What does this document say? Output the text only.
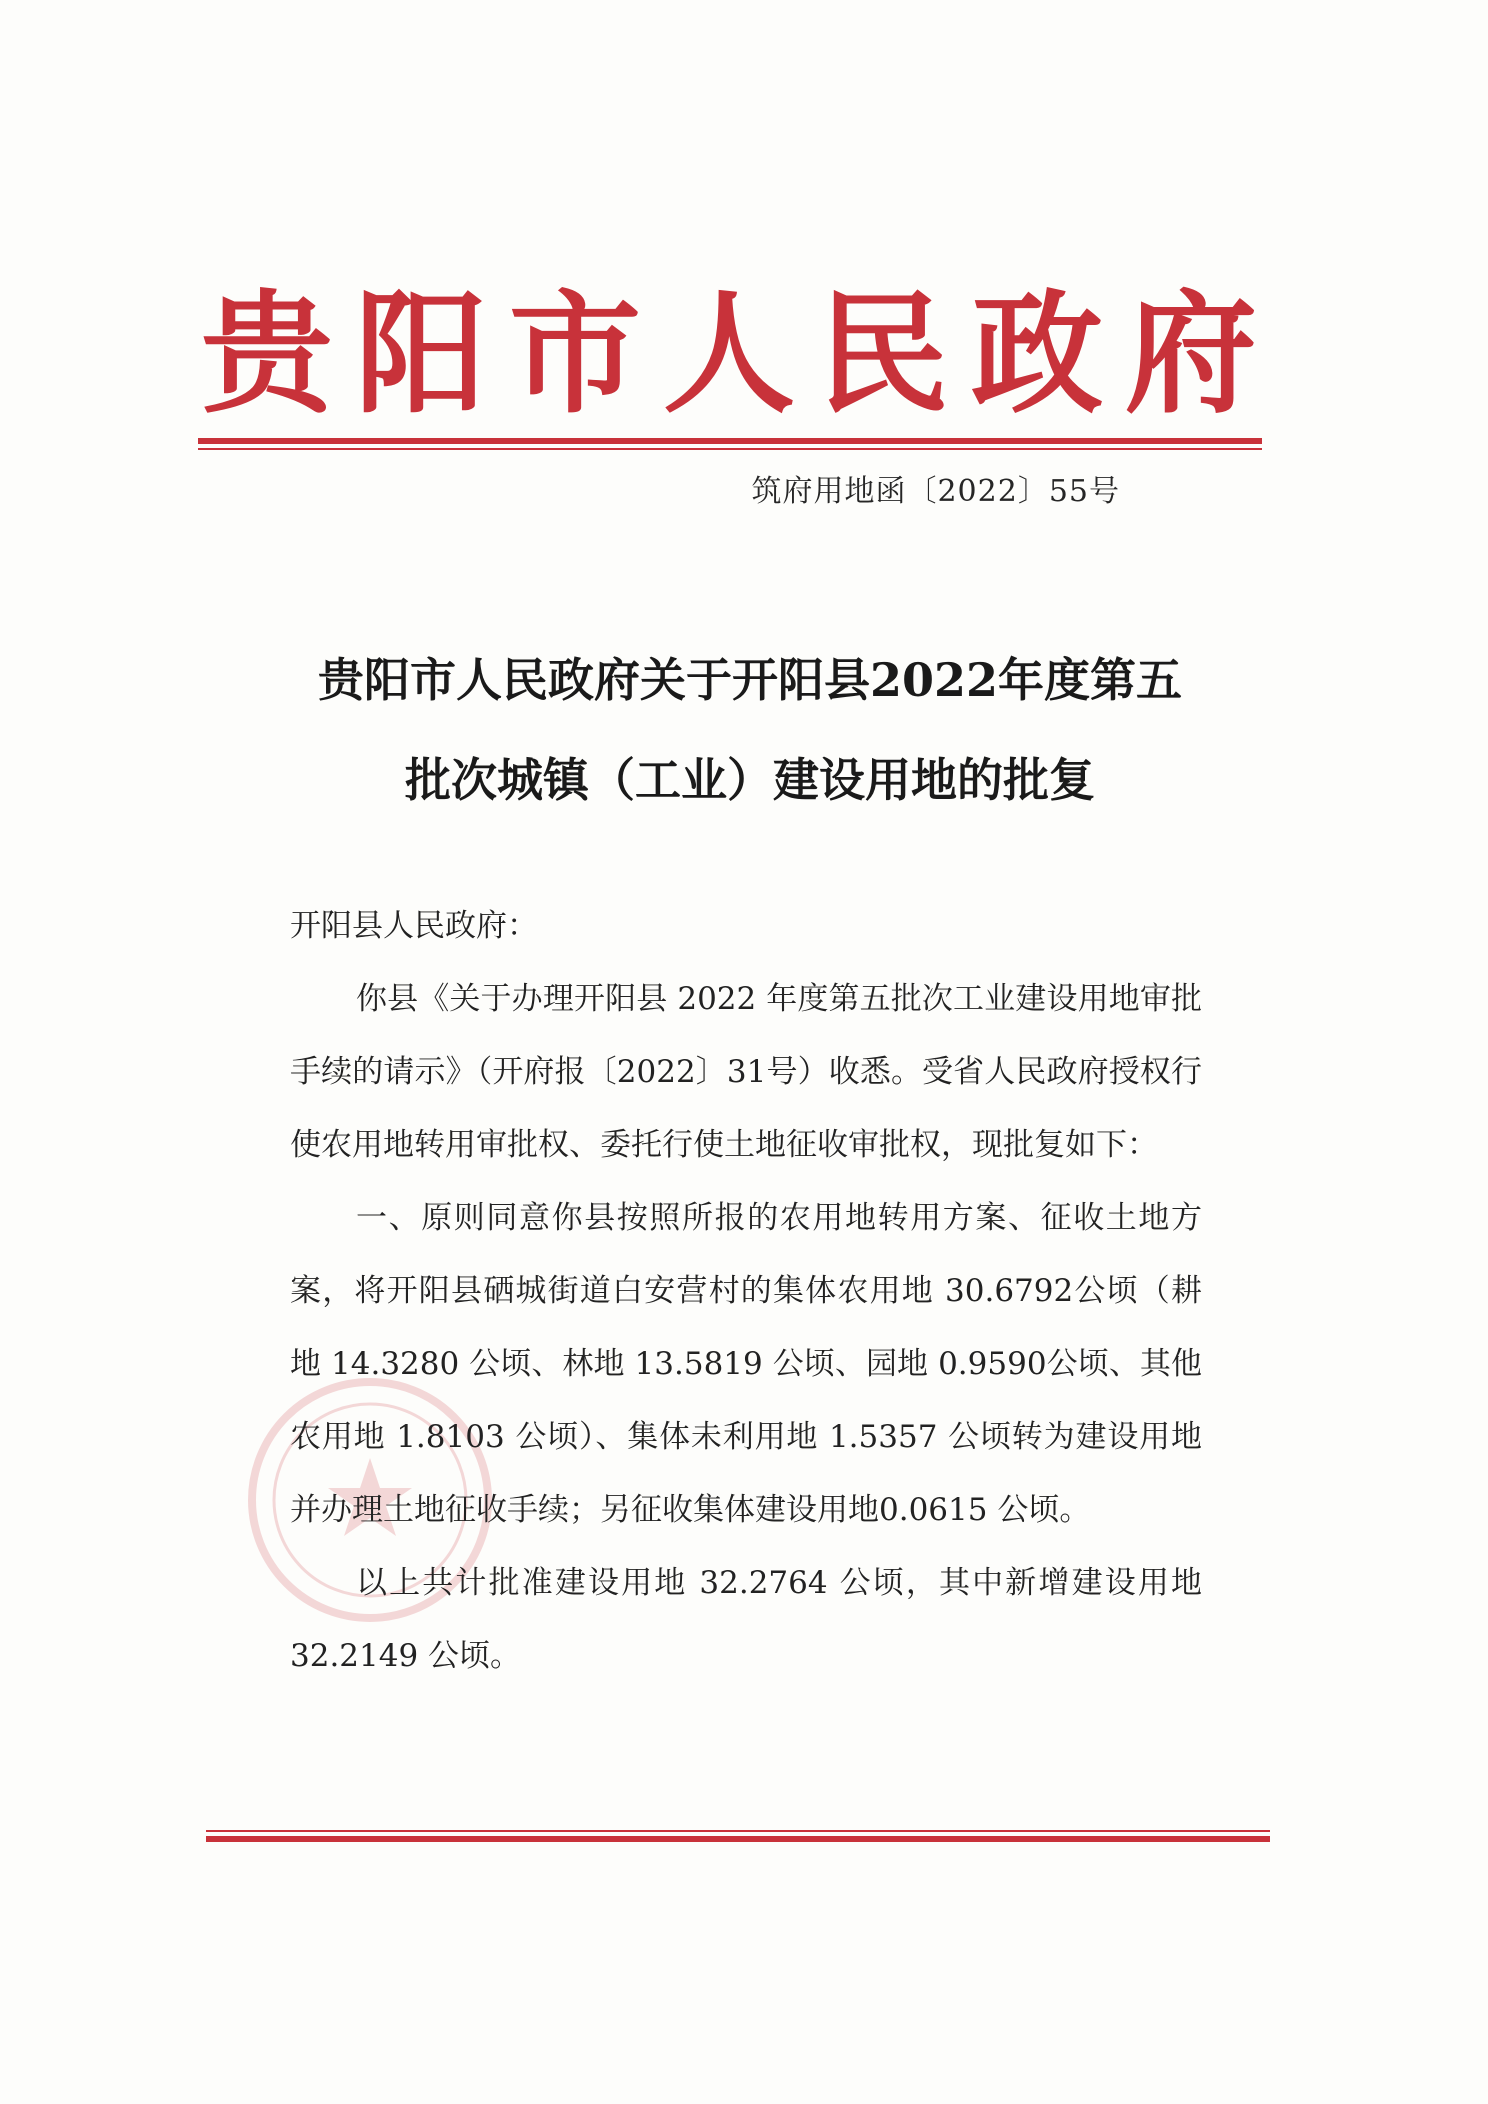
贵阳市人民政府
筑府用地函〔2022〕55号
贵阳市人民政府关于开阳县2022年度第五
批次城镇（工业）建设用地的批复

开阳县人民政府：

你县《关于办理开阳县 2022 年度第五批次工业建设用地审批手续的请示》（开府报〔2022〕31号）收悉。受省人民政府授权行使农用地转用审批权、委托行使土地征收审批权，现批复如下：

一、原则同意你县按照所报的农用地转用方案、征收土地方案，将开阳县硒城街道白安营村的集体农用地 30.6792公顷（耕地 14.3280 公顷、林地 13.5819 公顷、园地 0.9590公顷、其他农用地 1.8103 公顷）、集体未利用地 1.5357 公顷转为建设用地并办理土地征收手续；另征收集体建设用地0.0615 公顷。

以上共计批准建设用地 32.2764 公顷，其中新增建设用地 32.2149 公顷。
